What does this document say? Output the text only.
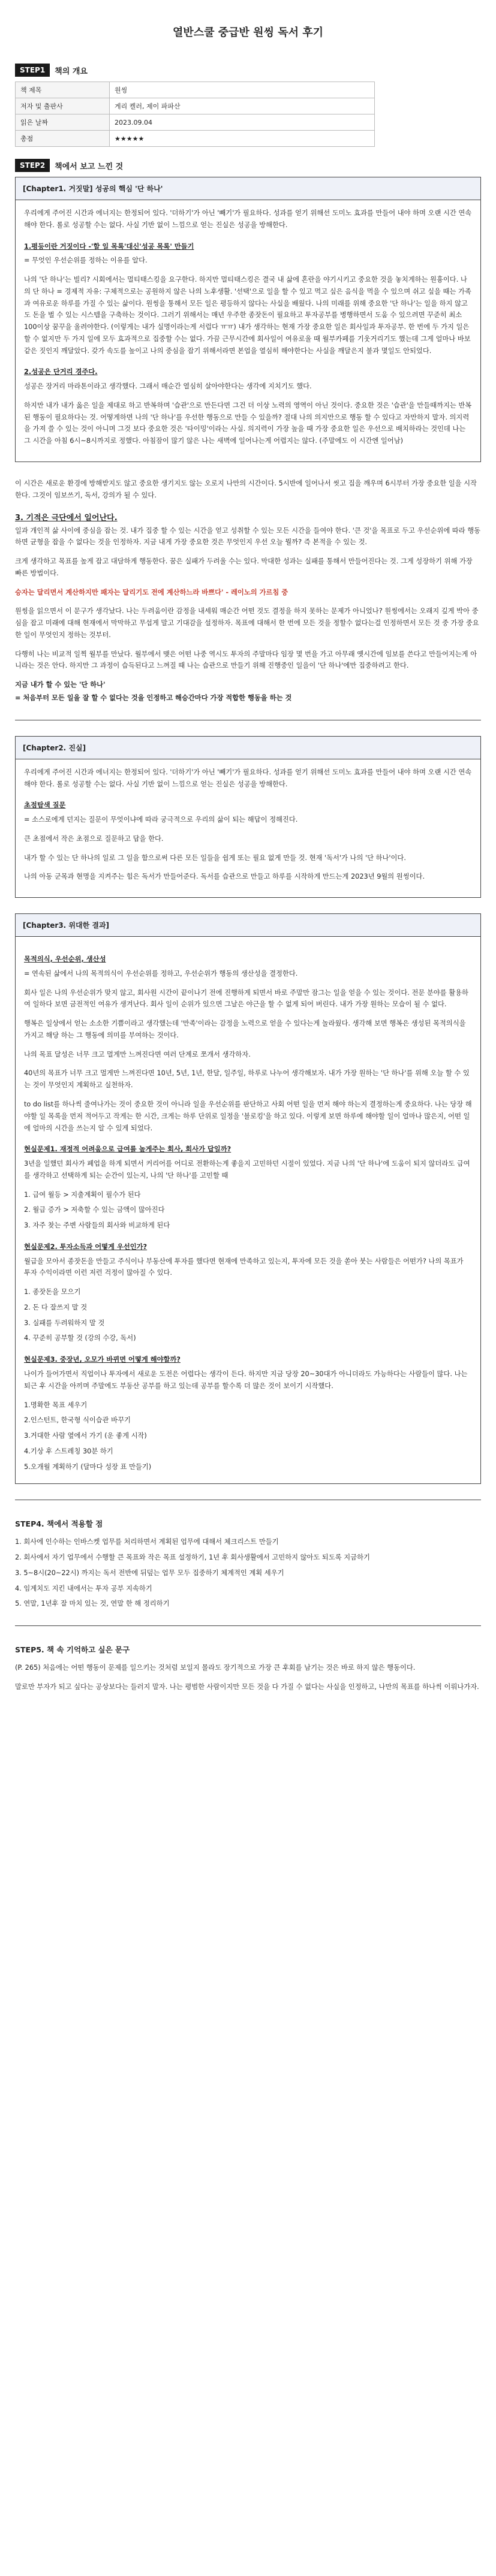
열반스쿨 중급반 원씽 독서 후기
STEP1	책의 개요
책 제목	원씽
저자 및 출판사	게리 켈러, 제이 파파산
읽은 날짜	2023.09.04
총점	★★★★★
STEP2	책에서 보고 느낀 것
[Chapter1. 거짓말] 성공의 핵심 '단 하나'

우리에게 주어진 시간과 에너지는 한정되어 있다. '더하기'가 아닌 '빼기'가 필요하다. 성과를 얻기 위해선 도미노 효과를 만들어 내야 하며 오랜 시간 연속해야 한다. 롤로 성공할 수는 없다. 사실 기반 없이 느낌으로 얻는 진실은 성공을 방해한다.

1.평등이란 거짓이다 -'할 일 목록'대신'성공 목록' 만들기

= 무엇인 우선순위를 정하는 이유를 알다.

나의 '단 하나'는 빌리? 시회에서는 멀티태스킹을 요구한다. 하지만 멀티태스킹은 결국 내 삶에 혼란을 야기시키고 중요한 것을 놓치게하는 원흉이다. 나의 단 하나 = 경제적 자유: 구체적으로는 공원하지 않은 나의 노후생활. '선택'으로 일을 할 수 있고 먹고 싶은 음식을 먹을 수 있으며 쉬고 싶을 때는 가족과 여유로운 하루를 가질 수 있는 삶이다. 원씽을 통해서 모든 일은 평등하지 않다는 사실을 배웠다. 나의 미래를 위해 중요한 '단 하나'는 일을 하지 않고도 돈을 벌 수 있는 시스템을 구축하는 것이다. 그러기 위해서는 매년 우주한 종잣돈이 필요하고 투자공부를 병행하면서 도움 수 있으려면 꾸준히 최소 100이상 꿈꾸을 올려야한다. (이렇게는 내가 실명이라는게 서럽다 ㅠㅠ) 내가 생각하는 현재 가장 중요한 일은 회사일과 투자공부. 한 번에 두 가지 일은 할 수 없지만 두 가지 일에 모두 효과적으로 집중할 수는 없다. 가끔 근무시간에 회사일이 여유로울 때 월부카페를 기웃거리기도 했는데 그게 얼마나 바보같은 짓인지 깨달았다. 갖가 속도를 높이고 나의 중심을 잡기 위해서라면 본업을 열심히 해야한다는 사실을 깨달은지 불과 몇일도 안되었다.

2.성공은 단거리 경주다.

성공은 장거리 마라톤이라고 생각했다. 그래서 매순간 열심히 살아야한다는 생각에 지치기도 했다.

하지만 내가 내가 옳은 일을 제대로 하고 반복하며 '습관'으로 만든다면 그건 더 이상 노력의 영역이 아닌 것이다. 중요한 것은 '습관'을 만들때까지는 반복된 행동이 필요하다는 것. 어떻게하면 나의 '단 하나'를 우선한 행동으로 만들 수 있을까? 절대 나의 의지만으로 행동 할 수 있다고 자만하지 말자. 의지력을 가져 쓸 수 있는 것이 아니며 그것 보다 중요한 것은 '타이밍'이라는 사실. 의지력이 가장 높을 때 가장 중요한 일은 우선으로 배치하라는 것인데 나는 그 시간을 아침 6시~8시까지로 정했다. 아침잠이 많기 않은 나는 새벽에 일어나는게 어렵지는 않다. (주말에도 이 시간엔 일어남)

이 시간은 새로운 환경에 방해받지도 않고 중요한 생기지도 않는 오로지 나만의 시간이다. 5시반에 일어나서 씻고 집을 깨우며 6시부터 가장 중요한 일을 시작한다. 그것이 임보쓰기, 독서, 강의가 될 수 있다.

3. 기적은 극단에서 일어난다.

일과 개인적 삶 사이에 중심을 잡는 것. 내가 집중 할 수 있는 시간을 얻고 성취할 수 있는 모든 시간을 들여야 한다. '큰 것'을 목표로 두고 우선순위에 따라 행동하면 균형을 잡을 수 없다는 것을 인정하자. 지금 내게 가장 중요한 것은 무엇인지 우선 오늘 뭘까? 즉 본적을 수 있는 것.

크게 생각하고 목표를 높게 잡고 대담하게 행동한다. 꿈은 실패가 두려울 수는 있다. 막대한 성과는 실패를 통해서 만들어진다는 것. 그게 성장하기 위해 가장 빠른 방법이다.

승자는 달리면서 계산하지만 패자는 달리기도 전에 계산하느라 바쁘다' - 레이노의 가르침 중

원씽을 읽으면서 이 문구가 생각났다. 나는 두려움이란 감정을 내세워 매순간 어떤 것도 결정을 하지 못하는 문제가 아니었나? 원씽에서는 오래지 깊게 박아 중심을 잡고 미래에 대해 현재에서 막막하고 무섭게 말고 기대감을 설정하자. 목표에 대해서 한 번에 모든 것을 정할수 없다는걸 인정하면서 모든 것 중 가장 중요한 일이 무엇인지 정하는 것부터.

다행히 나는 비교적 일찍 월부를 만났다. 월부에서 맺은 어떤 나중 역시도 투자의 주말마다 임장 몇 번을 가고 아무래 옛시간에 임보를 쓴다고 만들어지는게 아니라는 것은 안다. 하지만 그 과정이 습득된다고 느껴질 때 나는 습관으로 만들기 위해 진행중인 일을이 '단 하나'에만 집중하려고 한다.

지금 내가 할 수 있는 '단 하나'

= 처음부터 모든 일을 잘 할 수 없다는 것을 인정하고 해승간마다 가장 적합한 행동을 하는 것

[Chapter2. 진실]

우리에게 주어진 시간과 에너지는 한정되어 있다. '더하기'가 아닌 '빼기'가 필요하다. 성과를 얻기 위해선 도미노 효과를 만들어 내야 하며 오랜 시간 연속해야 한다. 롤로 성공할 수는 없다. 사실 기반 없이 느낌으로 얻는 진실은 성공을 방해한다.

초점탐색 질문

= 소스로에게 던지는 질문이 무엇이냐에 따라 궁극적으로 우리의 삶이 되는 해답이 정해진다.

큰 초점에서 작은 초점으로 질문하고 답을 한다.

내가 할 수 있는 단 하나의 일로 그 일을 함으로써 다른 모든 일들을 쉽게 또는 필요 없게 만들 것. 현재 '독서'가 나의 '단 하나'이다.

나의 아동 군목과 현명을 지켜주는 힘은 독서가 만들어준다. 독서를 습관으로 만들고 하루를 시작하게 만드는게 2023년 9월의 원씽이다.

[Chapter3. 위대한 결과]
목적의식, 우선순위, 생산성

= 연속된 삶에서 나의 목적의식이 우선순위를 정하고, 우선순위가 행동의 생산성을 결정한다.

회사 일은 나의 우선순위가 맞지 않고, 회사원 시간이 끝이나기 전에 진행하게 되면서 바로 주말만 잠그는 일을 얻을 수 있는 것이다. 전문 분야를 활용하여 일하다 보면 금전적인 여유가 생겨난다. 회사 일이 순위가 있으면 그날은 야근을 할 수 없게 되어 버린다. 내가 가장 원하는 모습이 될 수 없다.

행복은 일상에서 얻는 소소한 기쁨이라고 생각했는데 '만족'이라는 감정을 노력으로 얻을 수 있다는게 놀라웠다. 생각해 보면 행복은 생성된 목적의식을 가지고 해당 하는 그 행동에 의미를 부여하는 것이다.

나의 목표 달성은 너무 크고 멀게만 느껴진다면 여러 단계로 쪼개서 생각하자.

40년의 목표가 너무 크고 멀게만 느껴진다면 10년, 5년, 1년, 한달, 일주일, 하루로 나누어 생각해보자. 내가 가장 원하는 '단 하나'를 위해 오늘 할 수 있는 것이 무엇인지 계획하고 실천하자.

to do list를 하나씩 줄여나가는 것이 중요한 것이 아니라 일을 우선순위를 판단하고 사회 어떤 일을 먼저 해야 하는지 결정하는게 중요하다. 나는 당장 해야할 일 목록을 먼저 적어두고 작게는 한 시간, 크게는 하루 단위로 일정을 '블로킹'을 하고 있다. 이렇게 보면 하루에 해야할 일이 얼마나 많은지, 어떤 일에 얼마의 시간을 쓰는지 알 수 있게 되었다.

현실문제1. 재정적 어려움으로 급여를 높게주는 회사, 회사가 답일까?

3년을 일했던 회사가 폐업을 하게 되면서 커리어를 어디로 전환하는게 좋을지 고민하던 시절이 있었다. 지금 나의 '단 하나'에 도움이 되지 않더라도 급여를 생각하고 선택하게 되는 순간이 있는지, 나의 '단 하나'를 고민할 때

1. 급여 월등 > 지출계획이 필수가 된다
2. 월급 증가 > 저축할 수 있는 금액이 많아진다
3. 자주 찾는 주변 사람들의 회사와 비교하게 된다
현실문제2. 투자소득과 어떻게 우선인가?

월급을 모아서 종잣돈을 만들고 주식이나 부동산에 투자를 했다면 현재에 만족하고 있는지, 투자에 모든 것을 쏟아 붓는 사람들은 어떤가? 나의 목표가 투자 수익이라면 이런 저런 걱정이 많아질 수 있다.

1. 종잣돈을 모으기
2. 돈 다 잘쓰지 말 것
3. 실패를 두려워하지 말 것
4. 꾸준히 공부할 것 (강의 수강, 독서)
현실문제3. 중장년, 오모가 바뀌면 어떻게 해야할까?

나이가 들어가면서 직업이나 투자에서 새로운 도전은 어렵다는 생각이 든다. 하지만 지금 당장 20~30대가 아니더라도 가능하다는 사람들이 많다. 나는 퇴근 후 시간을 아끼며 주말에도 부동산 공부를 하고 있는데 공부를 할수록 더 많은 것이 보이기 시작했다.

1.명확한 목표 세우기
2.인스턴트, 한국형 식이습관 바꾸기
3.거대한 사람 옆에서 가기 (운 좋게 시작)
4.기상 후 스트레칭 30분 하기
5.오개월 계획하기 (달마다 성장 표 만들기)
STEP4. 책에서 적용할 점
1. 회사에 인수하는 인바스켓 업무를 처리하면서 계획된 업무에 대해서 체크리스트 만들기
2. 회사에서 자기 업무에서 수행할 큰 목표와 작은 목표 설정하기, 1년 후 회사생활에서 고민하지 않아도 되도록 지금하기
3. 5~8시(20~22시) 까지는 독서 전반에 뒤덮는 업무 모두 집중하기 체계적인 계획 세우기
4. 임계치도 지킨 내에서는 투자 공부 지속하기
5. 연말, 1년후 잘 마치 있는 것, 연말 한 해 정리하기
STEP5. 책 속 기억하고 싶은 문구

(P. 265) 처음에는 어떤 행동이 문제를 일으키는 것처럼 보일지 몰라도 장기적으로 가장 큰 후회를 남기는 것은 바로 하지 않은 행동이다.

말로만 부자가 되고 싶다는 공상보다는 들러지 말자. 나는 평범한 사람이지만 모든 것을 다 가질 수 없다는 사실을 인정하고, 나만의 목표를 하나씩 이뤄나가자.
